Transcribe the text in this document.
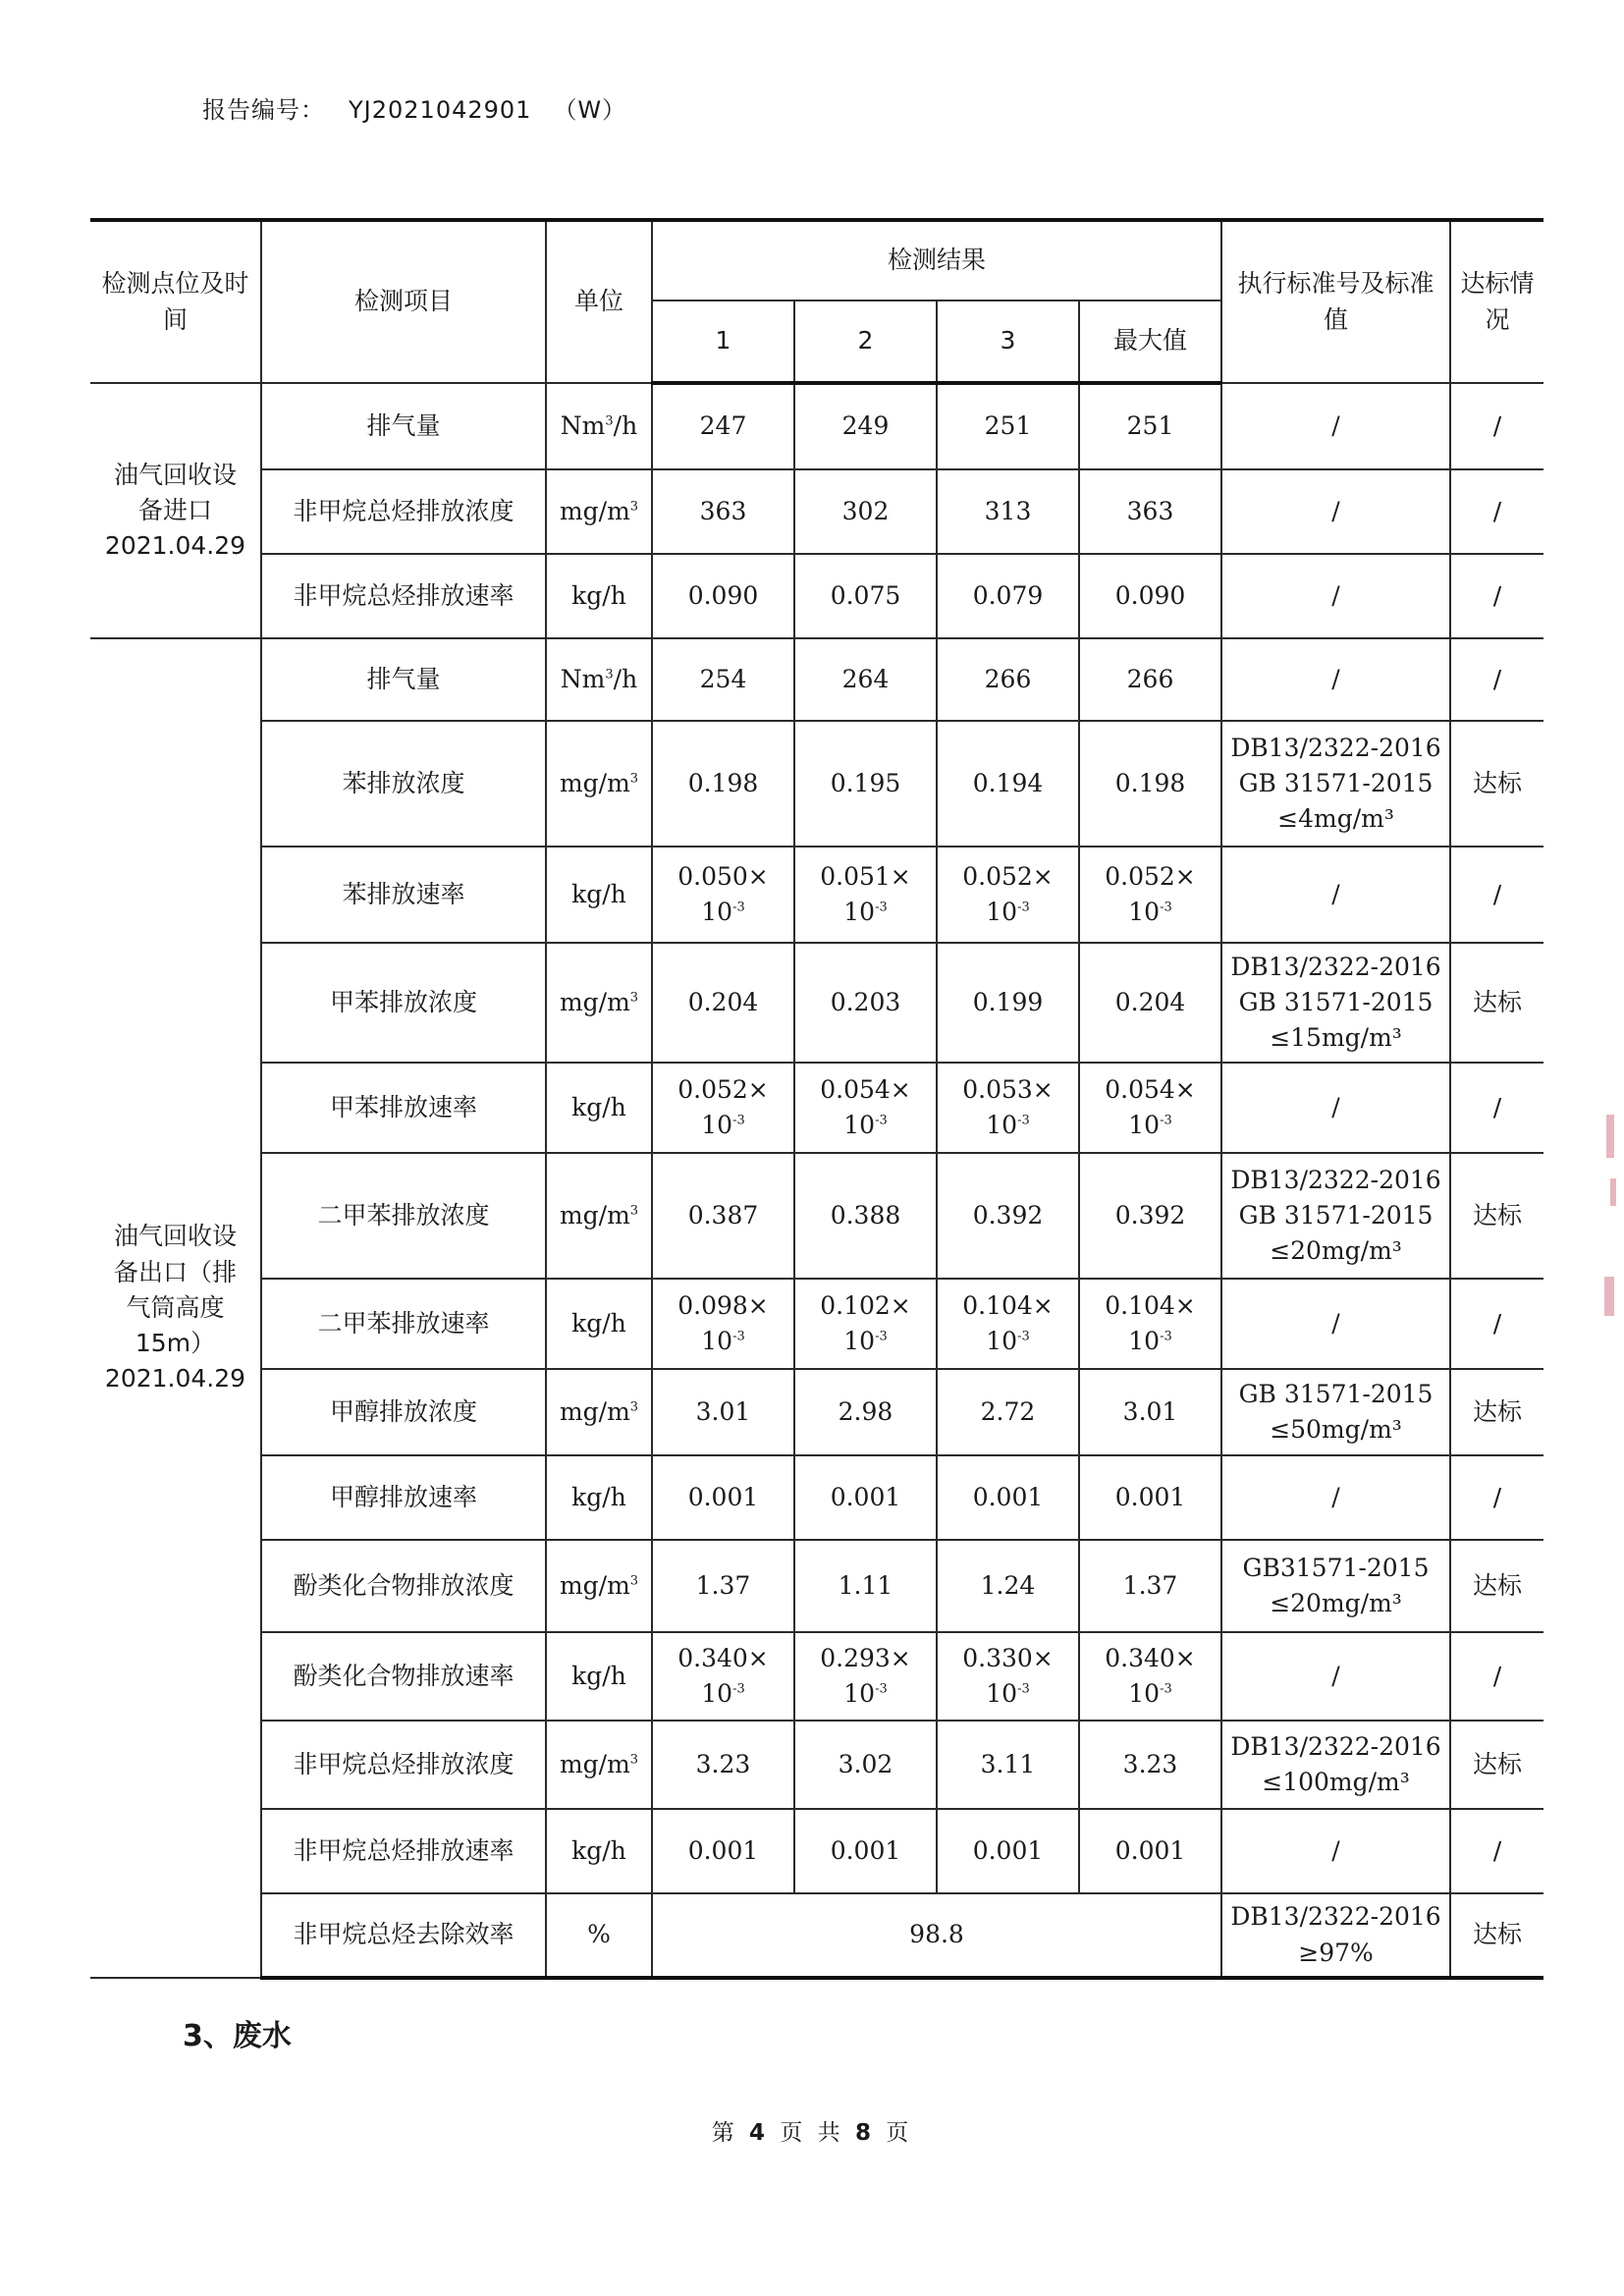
报告编号： YJ2021042901 （W）
检测点位及时间	检测项目	单位	检测结果				执行标准号及标准值	达标情况
			1	2	3	最大值		

油气回收设
备进口
2021.04.29	排气量	Nm$^3$/h	247	249	251	251	/	/
	非甲烷总烃排放浓度	$mg/m^3$	363	302	313	363	/	/
	非甲烷总烃排放速率	kg/h	0.090	0.075	0.079	0.090	/	/

油气回收设
备出口（排
气筒高度
15m）
2021.04.29	排气量	Nm$^3$/h	254	264	266	266	/	/
	苯排放浓度	$mg/m^3$	0.198	0.195	0.194	0.198	DB13/2322-2016
GB 31571-2015
≤4mg/m³	达标
	苯排放速率	kg/h	0.050×
$10^{-3}$	0.051×
$10^{-3}$	0.052×
$10^{-3}$	0.052×
$10^{-3}$	/	/
	甲苯排放浓度	$mg/m^3$	0.204	0.203	0.199	0.204	DB13/2322-2016
GB 31571-2015
≤15mg/m³	达标
	甲苯排放速率	kg/h	0.052×
$10^{-3}$	0.054×
$10^{-3}$	0.053×
$10^{-3}$	0.054×
$10^{-3}$	/	/
	二甲苯排放浓度	$mg/m^3$	0.387	0.388	0.392	0.392	DB13/2322-2016
GB 31571-2015
≤20mg/m³	达标
	二甲苯排放速率	kg/h	0.098×
$10^{-3}$	0.102×
$10^{-3}$	0.104×
$10^{-3}$	0.104×
$10^{-3}$	/	/
	甲醇排放浓度	$mg/m^3$	3.01	2.98	2.72	3.01	GB 31571-2015
≤50mg/m³	达标
	甲醇排放速率	kg/h	0.001	0.001	0.001	0.001	/	/
	酚类化合物排放浓度	$mg/m^3$	1.37	1.11	1.24	1.37	GB31571-2015
≤20mg/m³	达标
	酚类化合物排放速率	kg/h	0.340×
$10^{-3}$	0.293×
$10^{-3}$	0.330×
$10^{-3}$	0.340×
$10^{-3}$	/	/
	非甲烷总烃排放浓度	$mg/m^3$	3.23	3.02	3.11	3.23	DB13/2322-2016
≤100mg/m³	达标
	非甲烷总烃排放速率	kg/h	0.001	0.001	0.001	0.001	/	/
	非甲烷总烃去除效率	%	98.8				DB13/2322-2016
≥97%	达标
3、废水
第 4 页 共 8 页
